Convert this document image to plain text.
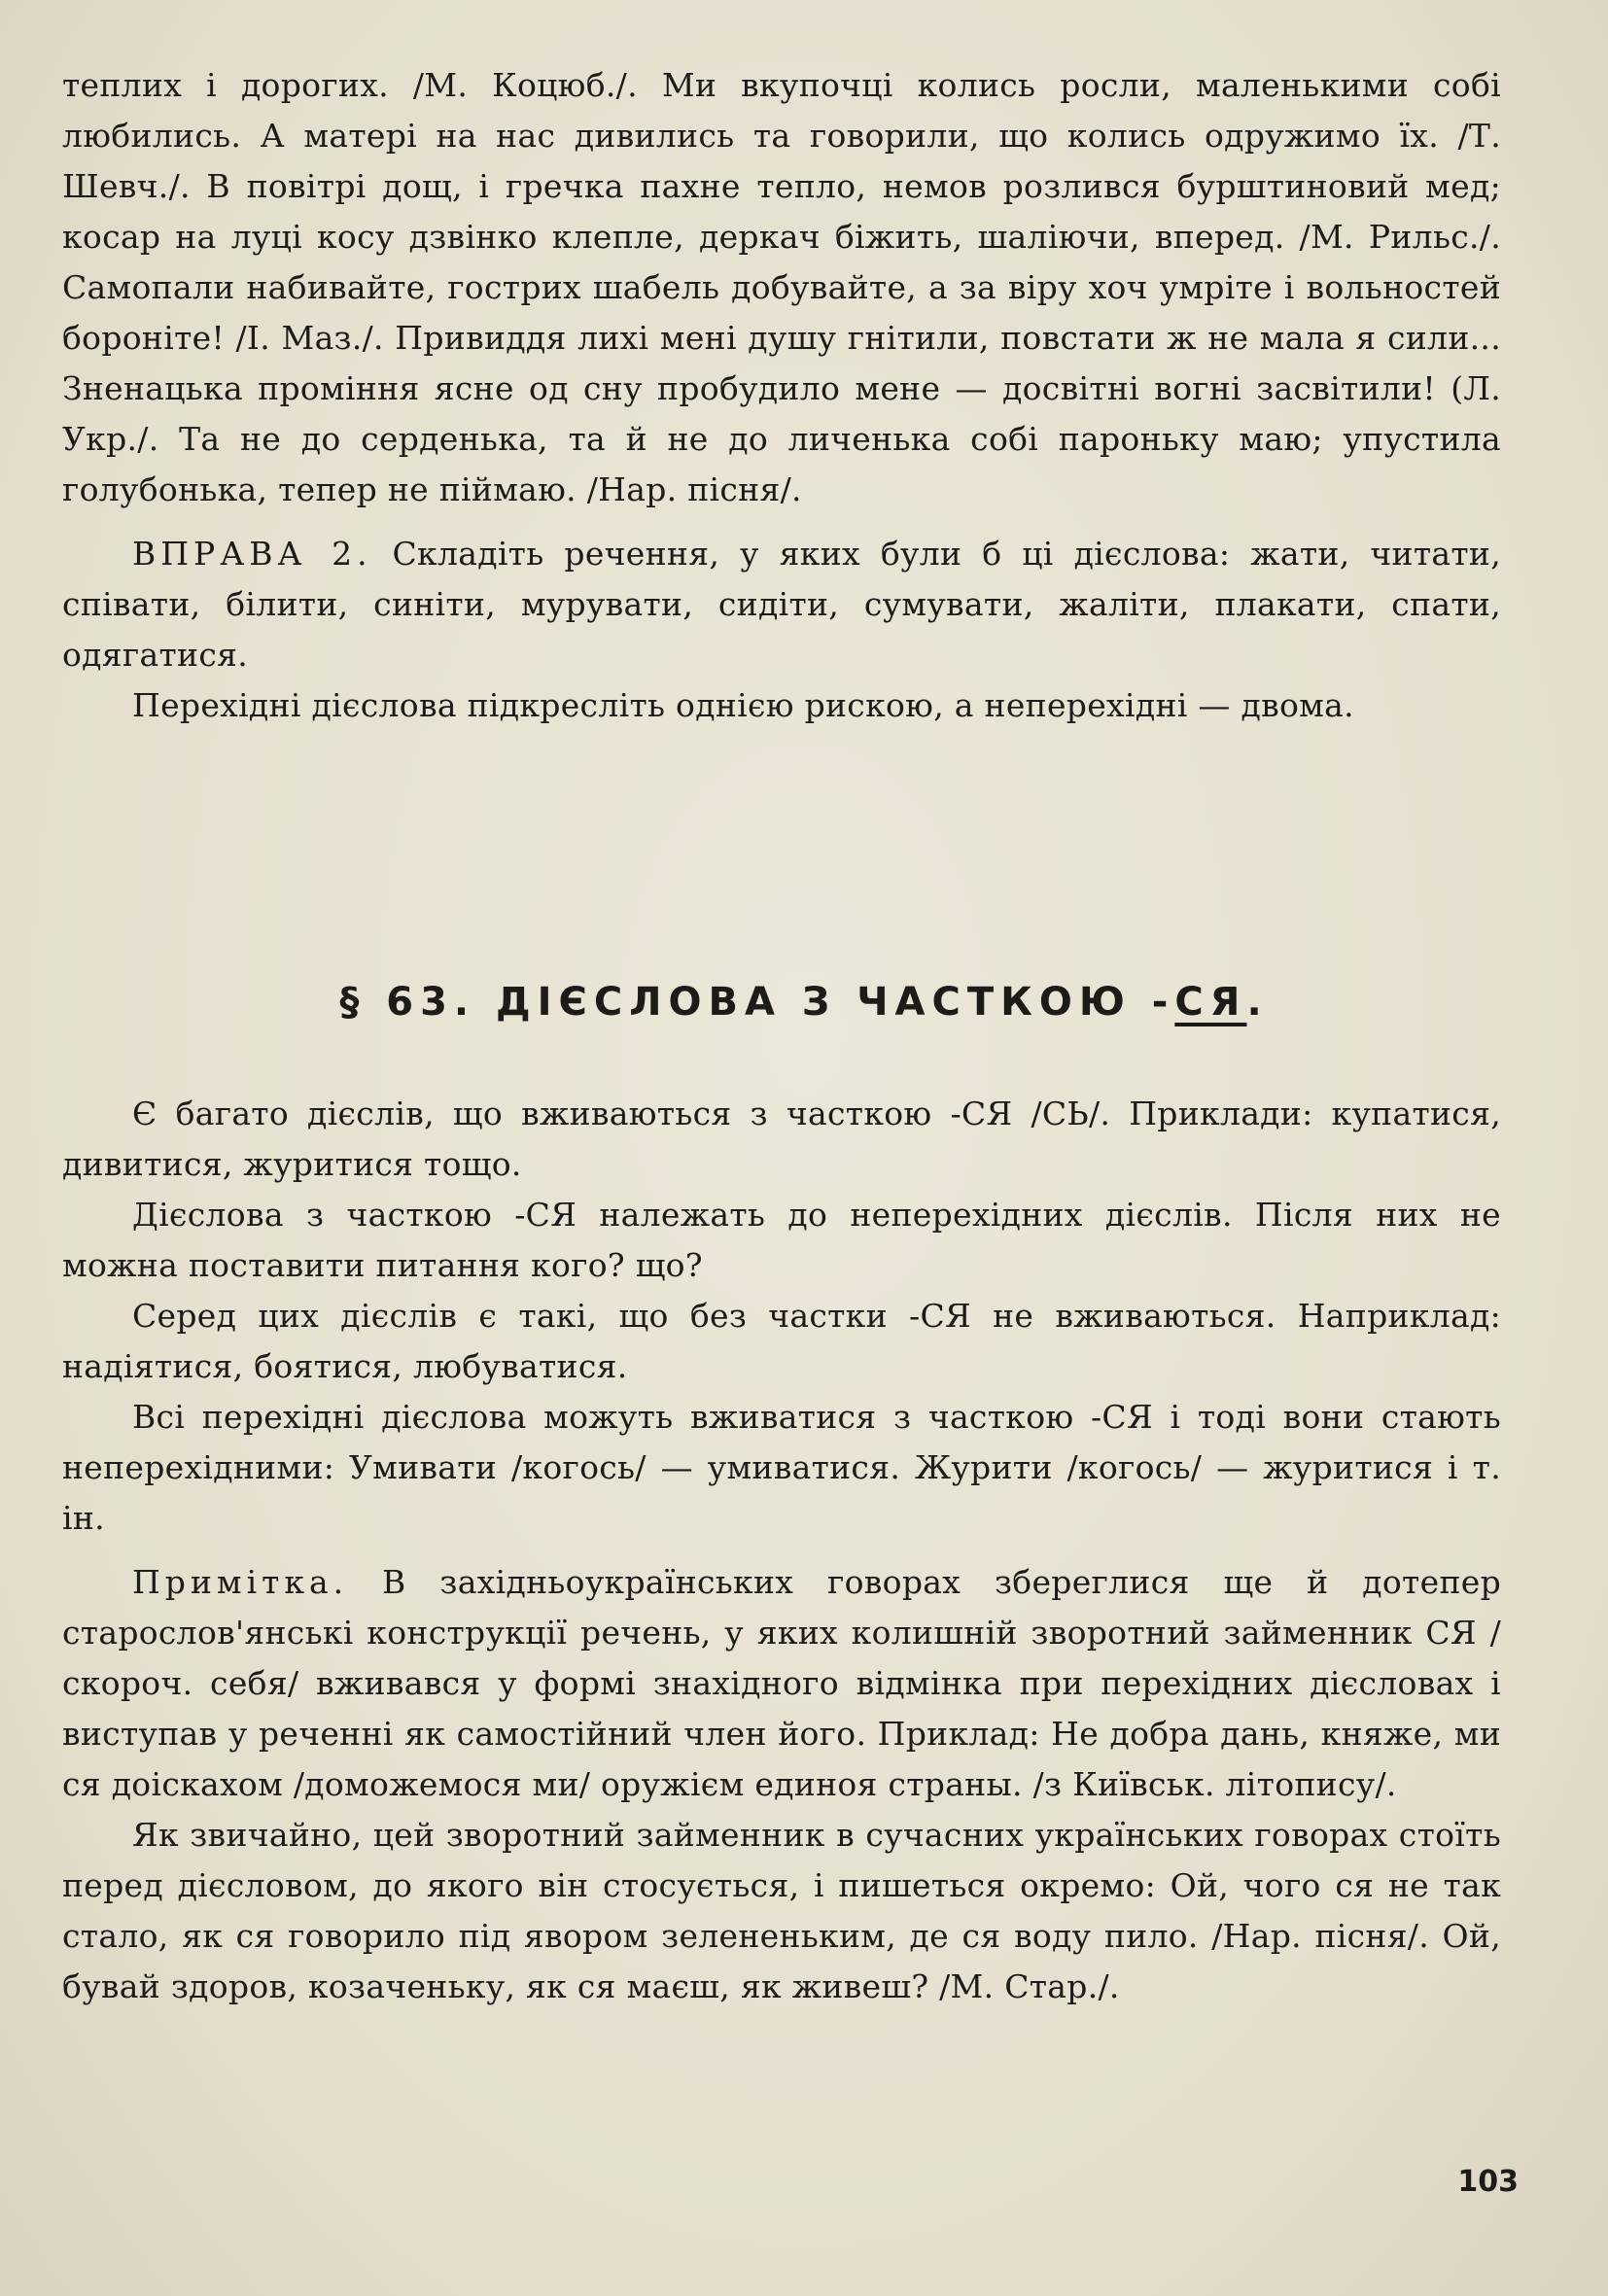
теплих і дорогих. /М. Коцюб./. Ми вкупочці колись росли, маленькими собі любились. А матері на нас дивились та говорили, що колись одружимо їх. /Т. Шевч./. В повітрі дощ, і гречка пахне тепло, немов розлився бурштиновий мед; косар на луці косу дзвінко клепле, деркач біжить, шаліючи, вперед. /М. Рильс./. Самопали набивайте, гострих шабель добувайте, а за віру хоч умріте і вольностей бороніте! /І. Маз./. Привиддя лихі мені душу гнітили, повстати ж не мала я сили... Зненацька проміння ясне од сну пробудило мене — досвітні вогні засвітили! (Л. Укр./. Та не до серденька, та й не до личенька собі пароньку маю; упустила голубонька, тепер не піймаю. /Нар. пісня/.

ВПРАВА 2. Складіть речення, у яких були б ці дієслова: жати, читати, співати, білити, синіти, мурувати, сидіти, сумувати, жаліти, плакати, спати, одягатися.

Перехідні дієслова підкресліть однією рискою, а неперехідні — двома.

§ 63. ДІЄСЛОВА З ЧАСТКОЮ -СЯ.

Є багато дієслів, що вживаються з часткою -СЯ /СЬ/. Приклади: купатися, дивитися, журитися тощо.

Дієслова з часткою -СЯ належать до неперехідних дієслів. Після них не можна поставити питання кого? що?

Серед цих дієслів є такі, що без частки -СЯ не вживаються. Наприклад: надіятися, боятися, любуватися.

Всі перехідні дієслова можуть вживатися з часткою -СЯ і тоді вони стають неперехідними: Умивати /когось/ — умиватися. Журити /когось/ — журитися і т. ін.

Примітка. В західньоукраїнських говорах збереглися ще й дотепер старослов'янські конструкції речень, у яких колишній зворотний займенник СЯ /скороч. себя/ вживався у формі знахідного відмінка при перехідних дієсловах і виступав у реченні як самостійний член його. Приклад: Не добра дань, княже, ми ся доіскахом /доможемося ми/ оружієм единоя страны. /з Київськ. літопису/.

Як звичайно, цей зворотний займенник в сучасних українських говорах стоїть перед дієсловом, до якого він стосується, і пишеться окремо: Ой, чого ся не так стало, як ся говорило під явором зелененьким, де ся воду пило. /Нар. пісня/. Ой, бувай здоров, козаченьку, як ся маєш, як живеш? /М. Стар./.

103
